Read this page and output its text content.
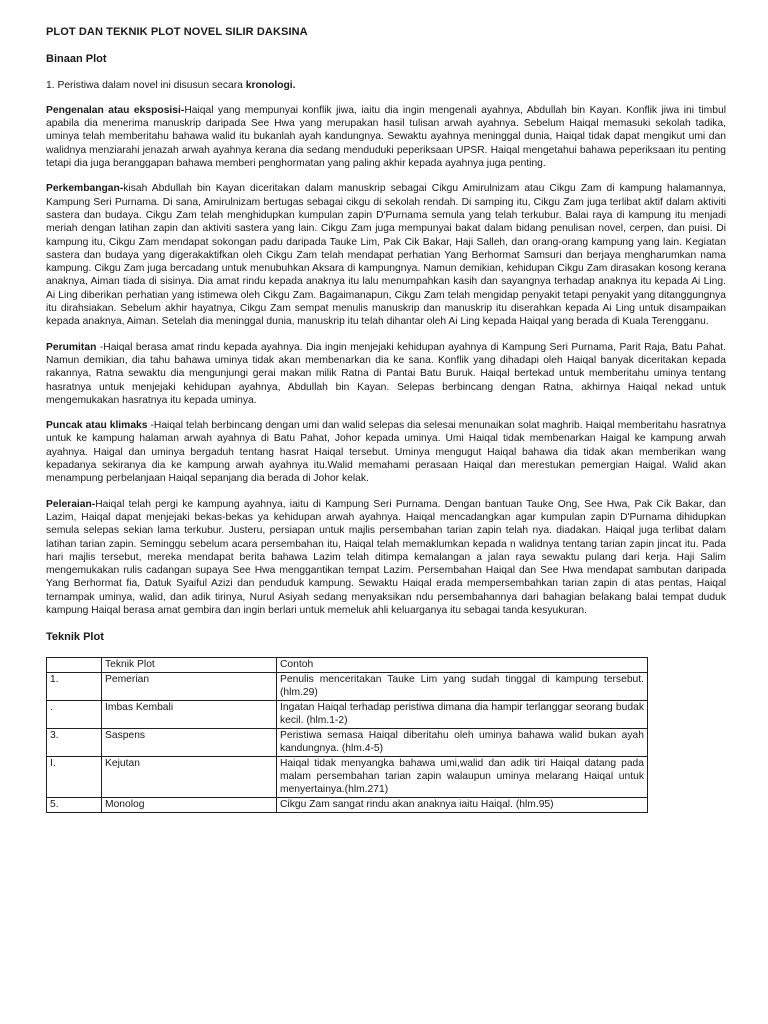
PLOT DAN TEKNIK PLOT NOVEL SILIR DAKSINA
Binaan Plot

1. Peristiwa dalam novel ini disusun secara kronologi.

Pengenalan atau eksposisi-Haiqal yang mempunyai konflik jiwa, iaitu dia ingin mengenali ayahnya, Abdullah bin Kayan. Konflik jiwa ini timbul apabila dia menerima manuskrip daripada See Hwa yang merupakan hasil tulisan arwah ayahnya. Sebelum Haiqal memasuki sekolah tadika, uminya telah memberitahu bahawa walid itu bukanlah ayah kandungnya. Sewaktu ayahnya meninggal dunia, Haiqal tidak dapat mengikut umi dan walidnya menziarahi jenazah arwah ayahnya kerana dia sedang menduduki peperiksaan UPSR. Haiqal mengetahui bahawa peperiksaan itu penting tetapi dia juga beranggapan bahawa memberi penghormatan yang paling akhir kepada ayahnya juga penting.

Perkembangan-kisah Abdullah bin Kayan diceritakan dalam manuskrip sebagai Cikgu Amirulnizam atau Cikgu Zam di kampung halamannya, Kampung Seri Purnama. Di sana, Amirulnizam bertugas sebagai cikgu di sekolah rendah. Di samping itu, Cikgu Zam juga terlibat aktif dalam aktiviti sastera dan budaya. Cikgu Zam telah menghidupkan kumpulan zapin D'Purnama semula yang telah terkubur. Balai raya di kampung itu menjadi meriah dengan latihan zapin dan aktiviti sastera yang lain. Cikgu Zam juga mempunyai bakat dalam bidang penulisan novel, cerpen, dan puisi. Di kampung itu, Cikgu Zam mendapat sokongan padu daripada Tauke Lim, Pak Cik Bakar, Haji Salleh, dan orang-orang kampung yang lain. Kegiatan sastera dan budaya yang digerakaktifkan oleh Cikgu Zam telah mendapat perhatian Yang Berhormat Samsuri dan berjaya mengharumkan nama kampung. Cikgu Zam juga bercadang untuk menubuhkan Aksara di kampungnya. Namun demikian, kehidupan Cikgu Zam dirasakan kosong kerana anaknya, Aiman tiada di sisinya. Dia amat rindu kepada anaknya itu lalu menumpahkan kasih dan sayangnya terhadap anaknya itu kepada Ai Ling. Ai Ling diberikan perhatian yang istimewa oleh Cikgu Zam. Bagaimanapun, Cikgu Zam telah mengidap penyakit tetapi penyakit yang ditanggungnya itu dirahsiakan. Sebelum akhir hayatnya, Cikgu Zam sempat menulis manuskrip dan manuskrip itu diserahkan kepada Ai Ling untuk disampaikan kepada anaknya, Aiman. Setelah dia meninggal dunia, manuskrip itu telah dihantar oleh Ai Ling kepada Haiqal yang berada di Kuala Terengganu.

Perumitan -Haiqal berasa amat rindu kepada ayahnya. Dia ingin menjejaki kehidupan ayahnya di Kampung Seri Purnama, Parit Raja, Batu Pahat. Namun demikian, dia tahu bahawa uminya tidak akan membenarkan dia ke sana. Konflik yang dihadapi oleh Haiqal banyak diceritakan kepada rakannya, Ratna sewaktu dia mengunjungi gerai makan milik Ratna di Pantai Batu Buruk. Haiqal bertekad untuk memberitahu uminya tentang hasratnya untuk menjejaki kehidupan ayahnya, Abdullah bin Kayan. Selepas berbincang dengan Ratna, akhirnya Haiqal nekad untuk mengemukakan hasratnya itu kepada uminya.

Puncak atau klimaks -Haiqal telah berbincang dengan umi dan walid selepas dia selesai menunaikan solat maghrib. Haiqal memberitahu hasratnya untuk ke kampung halaman arwah ayahnya di Batu Pahat, Johor kepada uminya. Umi Haiqal tidak membenarkan Haigal ke kampung arwah ayahnya. Haigal dan uminya bergaduh tentang hasrat Haiqal tersebut. Uminya mengugut Haiqal bahawa dia tidak akan memberikan wang kepadanya sekiranya dia ke kampung arwah ayahnya itu.Walid memahami perasaan Haiqal dan merestukan pemergian Haigal. Walid akan menampung perbelanjaan Haiqal sepanjang dia berada di Johor kelak.

Peleraian-Haiqal telah pergi ke kampung ayahnya, iaitu di Kampung Seri Purnama. Dengan bantuan Tauke Ong, See Hwa, Pak Cik Bakar, dan Lazim, Haiqal dapat menjejaki bekas-bekas ya kehidupan arwah ayahnya. Haiqal mencadangkan agar kumpulan zapin D'Purnama dihidupkan semula selepas sekian lama terkubur. Justeru, persiapan untuk majlis persembahan tarian zapin telah nya. diadakan. Haiqal juga terlibat dalam latihan tarian zapin. Seminggu sebelum acara persembahan itu, Haiqal telah memaklumkan kepada n walidnya tentang tarian zapin jincat itu. Pada hari majlis tersebut, mereka mendapat berita bahawa Lazim telah ditimpa kemalangan a jalan raya sewaktu pulang dari kerja. Haji Salim mengemukakan rulis cadangan supaya See Hwa menggantikan tempat Lazim. Persembahan Haiqal dan See Hwa mendapat sambutan daripada Yang Berhormat fia, Datuk Syaiful Azizi dan penduduk kampung. Sewaktu Haiqal erada mempersembahkan tarian zapin di atas pentas, Haiqal ternampak uminya, walid, dan adik tirinya, Nurul Asiyah sedang menyaksikan ndu persembahannya dari bahagian belakang balai tempat duduk kampung Haiqal berasa amat gembira dan ingin berlari untuk memeluk ahli keluarganya itu sebagai tanda kesyukuran.

Teknik Plot
	Teknik Plot	Contoh
1.	Pemerian	Penulis menceritakan Tauke Lim yang sudah tinggal di kampung tersebut. (hlm.29)
.	Imbas Kembali	Ingatan Haiqal terhadap peristiwa dimana dia hampir terlanggar seorang budak kecil. (hlm.1-2)
3.	Saspens	Peristiwa semasa Haiqal diberitahu oleh uminya bahawa walid bukan ayah kandungnya. (hlm.4-5)
I.	Kejutan	Haiqal tidak menyangka bahawa umi,walid dan adik tiri Haiqal datang pada malam persembahan tarian zapin walaupun uminya melarang Haiqal untuk menyertainya.(hlm.271)
5.	Monolog	Cikgu Zam sangat rindu akan anaknya iaitu Haiqal. (hlm.95)
